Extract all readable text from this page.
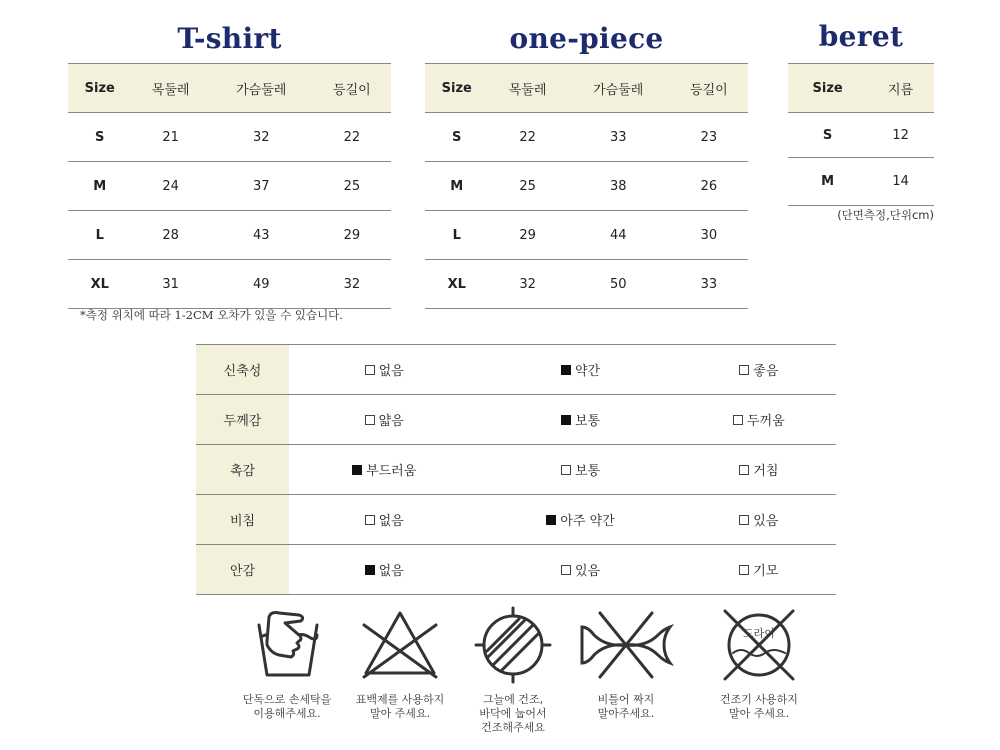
T-shirt	one-piece	beret
Size	목둘레	가슴둘레	등길이
S	21	32	22
M	24	37	25
L	28	43	29
XL	31	49	32
Size	목둘레	가슴둘레	등길이
S	22	33	23
M	25	38	26
L	29	44	30
XL	32	50	33
Size	지름
S	12
M	14
(단면측정,단위cm)
*측정 위치에 따라 1-2CM 오차가 있을 수 있습니다.
신축성	없음	약간	좋음

두께감	얇음	보통	두꺼움

촉감	부드러움	보통	거침

비침	없음	아주 약간	있음

안감	없음	있음	기모
단독으로 손세탁을
이용해주세요.
표백제를 사용하지
말아 주세요.
그늘에 건조,
바닥에 눕어서
건조해주세요
비틀어 짜지
말아주세요.
드라이
건조기 사용하지
말아 주세요.
